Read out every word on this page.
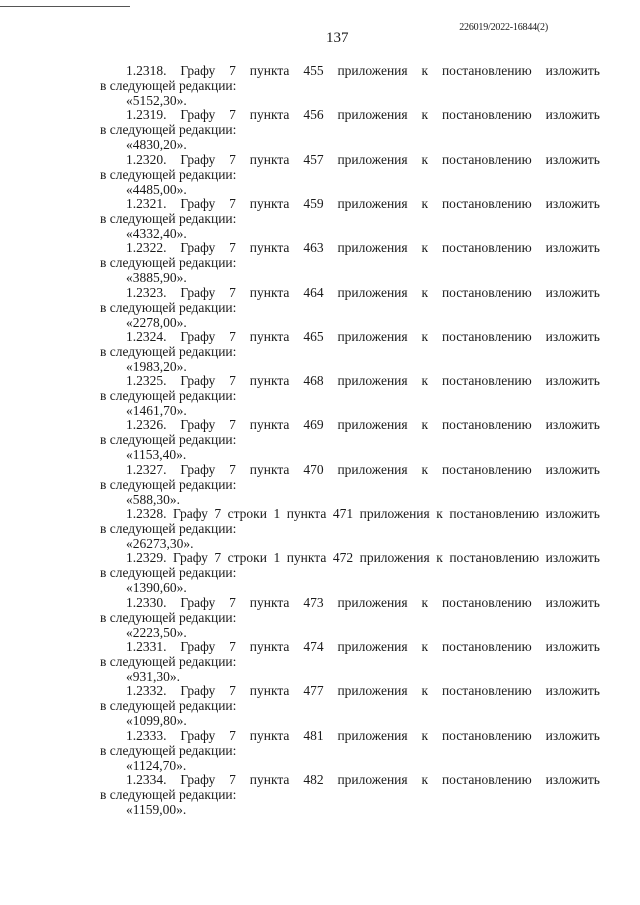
137
226019/2022-16844(2)
1.2318. Графу 7 пункта 455 приложения к постановлению изложить
в следующей редакции:
«5152,30».
1.2319. Графу 7 пункта 456 приложения к постановлению изложить
в следующей редакции:
«4830,20».
1.2320. Графу 7 пункта 457 приложения к постановлению изложить
в следующей редакции:
«4485,00».
1.2321. Графу 7 пункта 459 приложения к постановлению изложить
в следующей редакции:
«4332,40».
1.2322. Графу 7 пункта 463 приложения к постановлению изложить
в следующей редакции:
«3885,90».
1.2323. Графу 7 пункта 464 приложения к постановлению изложить
в следующей редакции:
«2278,00».
1.2324. Графу 7 пункта 465 приложения к постановлению изложить
в следующей редакции:
«1983,20».
1.2325. Графу 7 пункта 468 приложения к постановлению изложить
в следующей редакции:
«1461,70».
1.2326. Графу 7 пункта 469 приложения к постановлению изложить
в следующей редакции:
«1153,40».
1.2327. Графу 7 пункта 470 приложения к постановлению изложить
в следующей редакции:
«588,30».
1.2328. Графу 7 строки 1 пункта 471 приложения к постановлению изложить
в следующей редакции:
«26273,30».
1.2329. Графу 7 строки 1 пункта 472 приложения к постановлению изложить
в следующей редакции:
«1390,60».
1.2330. Графу 7 пункта 473 приложения к постановлению изложить
в следующей редакции:
«2223,50».
1.2331. Графу 7 пункта 474 приложения к постановлению изложить
в следующей редакции:
«931,30».
1.2332. Графу 7 пункта 477 приложения к постановлению изложить
в следующей редакции:
«1099,80».
1.2333. Графу 7 пункта 481 приложения к постановлению изложить
в следующей редакции:
«1124,70».
1.2334. Графу 7 пункта 482 приложения к постановлению изложить
в следующей редакции:
«1159,00».
